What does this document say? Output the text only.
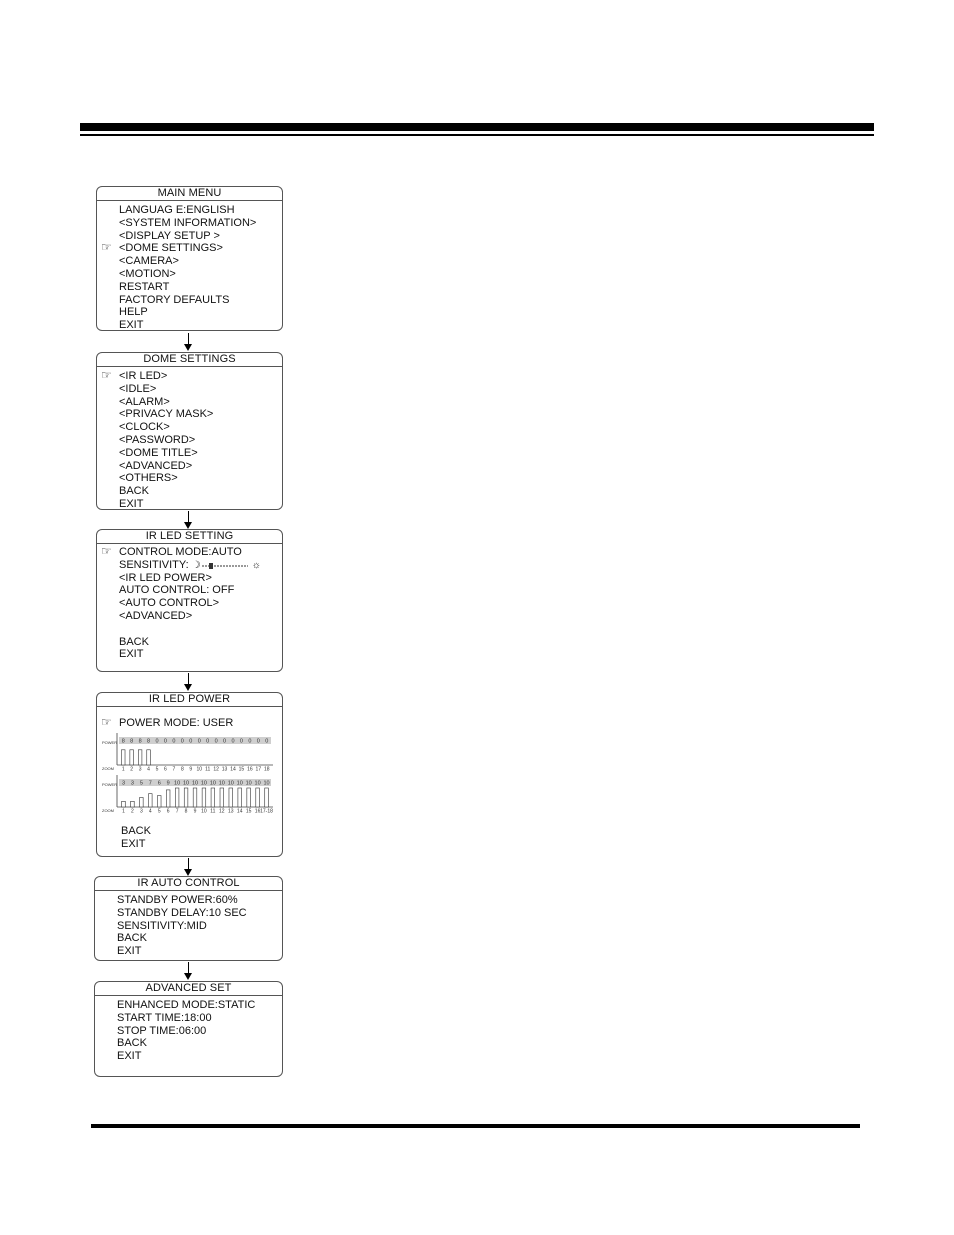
MAIN MENU
LANGUAG E:ENGLISH
<SYSTEM INFORMATION>
<DISPLAY SETUP >
☞ <DOME SETTINGS>
<CAMERA>
<MOTION>
RESTART
FACTORY DEFAULTS
HELP
EXIT
DOME SETTINGS
☞ <IR LED>
<IDLE>
<ALARM>
<PRIVACY MASK>
<CLOCK>
<PASSWORD>
<DOME TITLE>
<ADVANCED>
<OTHERS>
BACK
EXIT
IR LED SETTING
☞ CONTROL MODE:AUTO
SENSITIVITY: ☽	☼
<IR LED POWER>
AUTO CONTROL: OFF
<AUTO CONTROL>
<ADVANCED>
BACK
EXIT
IR LED POWER
☞ POWER MODE: USER
POWER
ZOOM
8
1
8
2
8
3
8
4
0
5
0
6
0
7
0
8
0
9
0
10
0
11
0
12
0
13
0
14
0
15
0
16
0
17
0
18
POWER
ZOOM
3
1
3
2
5
3
7
4
6
5
9
6
10
7
10
8
10
9
10
10
10
11
10
12
10
13
10
14
10
15
10
16
10
17-18
BACK
EXIT
IR AUTO CONTROL
STANDBY POWER:60%
STANDBY DELAY:10 SEC
SENSITIVITY:MID
BACK
EXIT
ADVANCED SET
ENHANCED MODE:STATIC
START TIME:18:00
STOP TIME:06:00
BACK
EXIT
